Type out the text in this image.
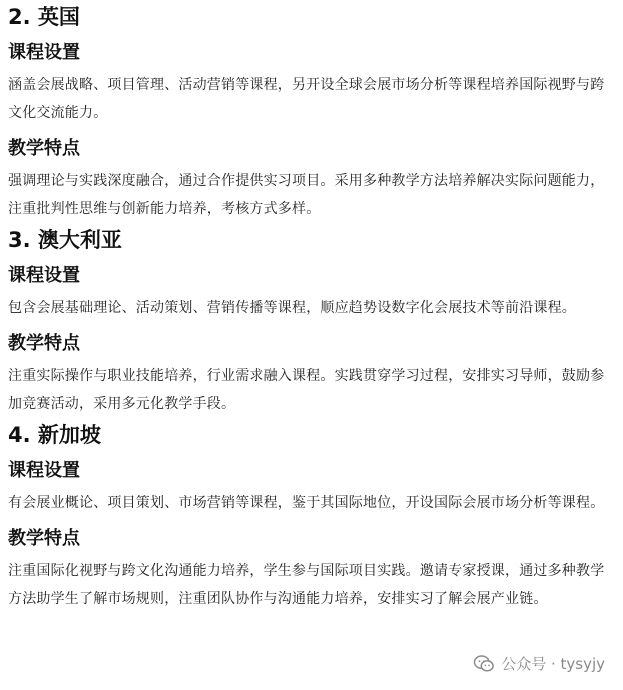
2. 英国
课程设置

涵盖会展战略、项目管理、活动营销等课程，另开设全球会展市场分析等课程培养国际视野与跨文化交流能力。

教学特点

强调理论与实践深度融合，通过合作提供实习项目。采用多种教学方法培养解决实际问题能力，注重批判性思维与创新能力培养，考核方式多样。

3. 澳大利亚
课程设置

包含会展基础理论、活动策划、营销传播等课程，顺应趋势设数字化会展技术等前沿课程。

教学特点

注重实际操作与职业技能培养，行业需求融入课程。实践贯穿学习过程，安排实习导师，鼓励参加竞赛活动，采用多元化教学手段。

4. 新加坡
课程设置

有会展业概论、项目策划、市场营销等课程，鉴于其国际地位，开设国际会展市场分析等课程。

教学特点

注重国际化视野与跨文化沟通能力培养，学生参与国际项目实践。邀请专家授课，通过多种教学方法助学生了解市场规则，注重团队协作与沟通能力培养，安排实习了解会展产业链。

公众号 · tysyjy
